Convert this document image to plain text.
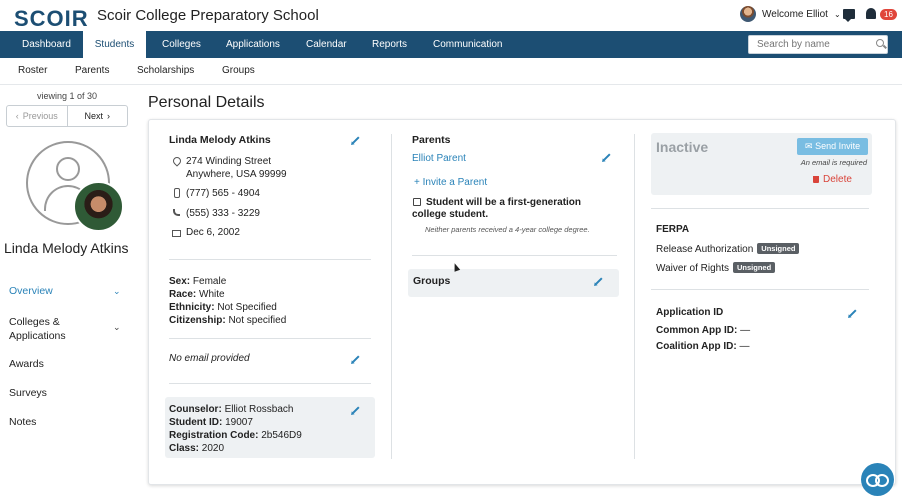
SCOIR Scoir College Preparatory School	Welcome Elliot ⌄	16
Dashboard	Students	Colleges	Applications	Calendar	Reports	Communication
Search by name
Roster	Parents	Scholarships	Groups
viewing 1 of 30
‹ Previous	Next ›
Linda Melody Atkins
Overview	⌄
Colleges & Applications
⌄
Awards
Surveys
Notes
Personal Details
Linda Melody Atkins
274 Winding Street
Anywhere, USA 99999
(777) 565 - 4904
(555) 333 - 3229
Dec 6, 2002
Sex: Female
Race: White
Ethnicity: Not Specified
Citizenship: Not specified
No email provided
Counselor: Elliot Rossbach
Student ID: 19007
Registration Code: 2b546D9
Class: 2020
Parents
Elliot Parent
+ Invite a Parent
Student will be a first-generation
college student.
Neither parents received a 4-year college degree.
Groups
Inactive	✉ Send Invite
An email is required
Delete
FERPA
Release Authorization Unsigned
Waiver of Rights Unsigned
Application ID
Common App ID: —
Coalition App ID: —
